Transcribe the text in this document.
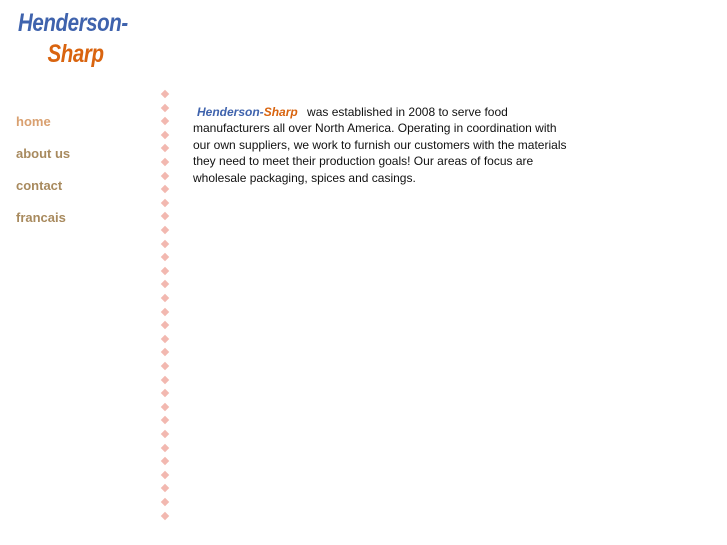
Henderson-
Sharp
home
about us
contact
francais
Henderson-Sharp was established in 2008 to serve food manufacturers all over North America. Operating in coordination with our own suppliers, we work to furnish our customers with the materials they need to meet their production goals! Our areas of focus are wholesale packaging, spices and casings.
